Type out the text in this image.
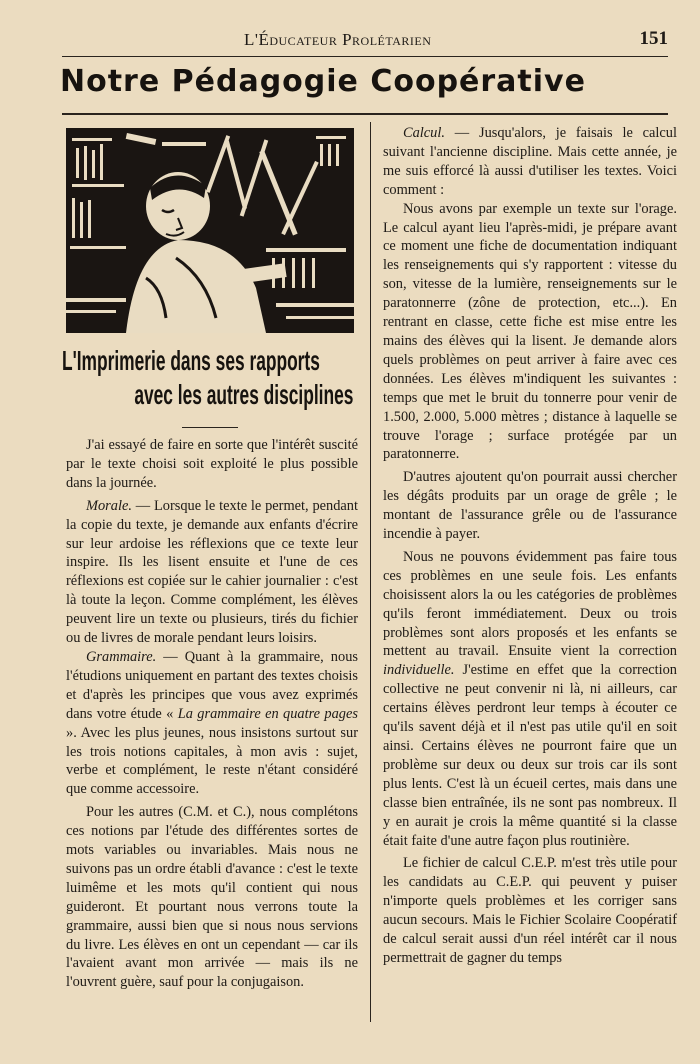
L'Éducateur Prolétarien	151
Notre Pédagogie Coopérative
L'Imprimerie dans ses rapports
avec les autres disciplines

J'ai essayé de faire en sorte que l'intérêt suscité par le texte choisi soit exploité le plus possible dans la journée.

Morale. — Lorsque le texte le permet, pendant la copie du texte, je demande aux enfants d'écrire sur leur ardoise les réflexions que ce texte leur inspire. Ils les lisent ensuite et l'une de ces réflexions est copiée sur le cahier journalier : c'est là toute la leçon. Comme complément, les élèves peuvent lire un texte ou plusieurs, tirés du fichier ou de livres de morale pendant leurs loisirs.

Grammaire. — Quant à la grammaire, nous l'étudions uniquement en partant des textes choisis et d'après les principes que vous avez exprimés dans votre étude « La grammaire en quatre pages ». Avec les plus jeunes, nous insistons surtout sur les trois notions capitales, à mon avis : sujet, verbe et complément, le reste n'étant considéré que comme accessoire.

Pour les autres (C.M. et C.), nous complétons ces notions par l'étude des différentes sortes de mots variables ou invariables. Mais nous ne suivons pas un ordre établi d'avance : c'est le texte luimême et les mots qu'il contient qui nous guideront. Et pourtant nous verrons toute la grammaire, aussi bien que si nous nous servions du livre. Les élèves en ont un cependant — car ils l'avaient avant mon arrivée — mais ils ne l'ouvrent guère, sauf pour la conjugaison.

Calcul. — Jusqu'alors, je faisais le calcul suivant l'ancienne discipline. Mais cette année, je me suis efforcé là aussi d'utiliser les textes. Voici comment :

Nous avons par exemple un texte sur l'orage. Le calcul ayant lieu l'après-midi, je prépare avant ce moment une fiche de documentation indiquant les renseignements qui s'y rapportent : vitesse du son, vitesse de la lumière, renseignements sur le paratonnerre (zône de protection, etc...). En rentrant en classe, cette fiche est mise entre les mains des élèves qui la lisent. Je demande alors quels problèmes on peut arriver à faire avec ces données. Les élèves m'indiquent les suivantes : temps que met le bruit du tonnerre pour venir de 1.500, 2.000, 5.000 mètres ; distance à laquelle se trouve l'orage ; surface protégée par un paratonnerre.

D'autres ajoutent qu'on pourrait aussi chercher les dégâts produits par un orage de grêle ; le montant de l'assurance grêle ou de l'assurance incendie à payer.

Nous ne pouvons évidemment pas faire tous ces problèmes en une seule fois. Les enfants choisissent alors la ou les catégories de problèmes qu'ils feront immédiatement. Deux ou trois problèmes sont alors proposés et les enfants se mettent au travail. Ensuite vient la correction individuelle. J'estime en effet que la correction collective ne peut convenir ni là, ni ailleurs, car certains élèves perdront leur temps à écouter ce qu'ils savent déjà et il n'est pas utile qu'il en soit ainsi. Certains élèves ne pourront faire que un problème sur deux ou deux sur trois car ils sont plus lents. C'est là un écueil certes, mais dans une classe bien entraînée, ils ne sont pas nombreux. Il y en aurait je crois la même quantité si la classe était faite d'une autre façon plus routinière.

Le fichier de calcul C.E.P. m'est très utile pour les candidats au C.E.P. qui peuvent y puiser n'importe quels problèmes et les corriger sans aucun secours. Mais le Fichier Scolaire Coopératif de calcul serait aussi d'un réel intérêt car il nous permettrait de gagner du temps
